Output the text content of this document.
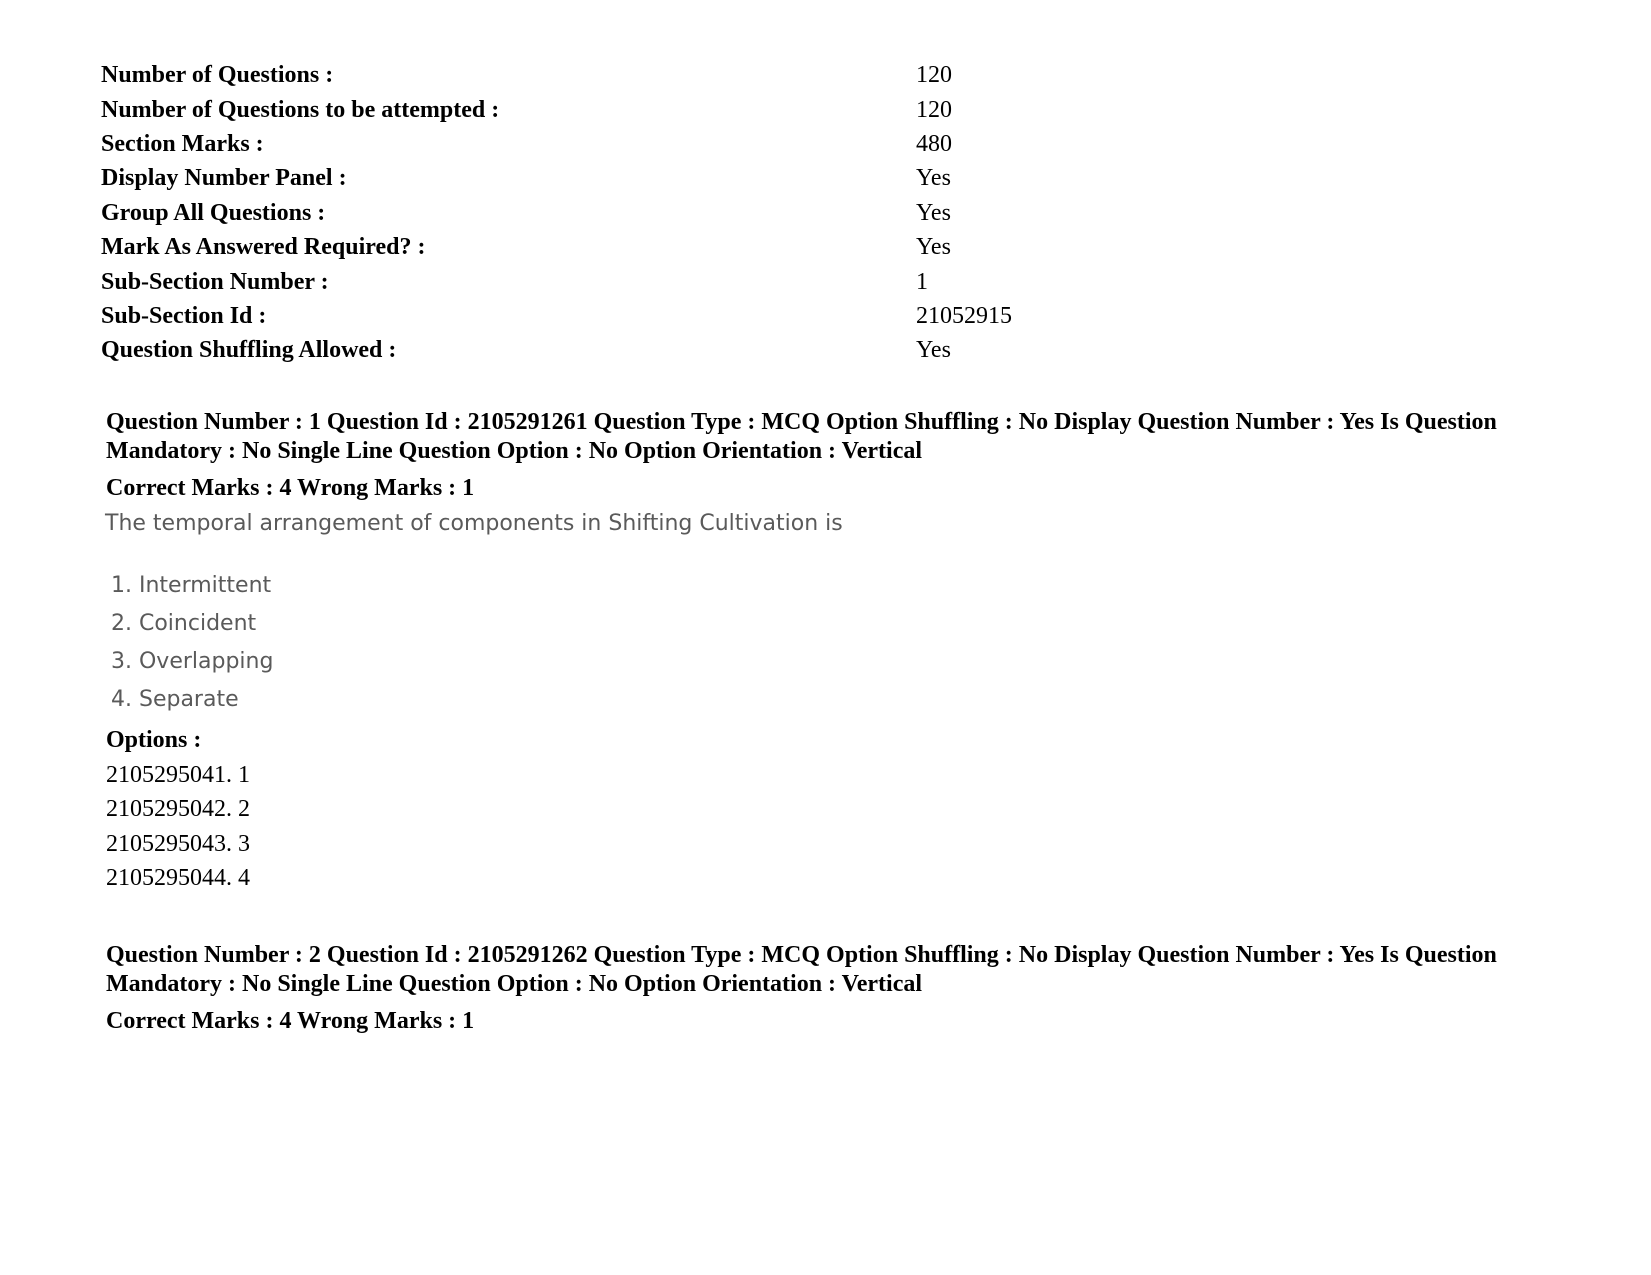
Number of Questions :	120
Number of Questions to be attempted :	120
Section Marks :	480
Display Number Panel :	Yes
Group All Questions :	Yes
Mark As Answered Required? :	Yes
Sub-Section Number :	1
Sub-Section Id :	21052915
Question Shuffling Allowed :	Yes
Question Number : 1 Question Id : 2105291261 Question Type : MCQ Option Shuffling : No Display Question Number : Yes Is Question Mandatory : No Single Line Question Option : No Option Orientation : Vertical
Correct Marks : 4 Wrong Marks : 1
The temporal arrangement of components in Shifting Cultivation is
1. Intermittent
2. Coincident
3. Overlapping
4. Separate
Options :
2105295041. 1
2105295042. 2
2105295043. 3
2105295044. 4
Question Number : 2 Question Id : 2105291262 Question Type : MCQ Option Shuffling : No Display Question Number : Yes Is Question Mandatory : No Single Line Question Option : No Option Orientation : Vertical
Correct Marks : 4 Wrong Marks : 1
